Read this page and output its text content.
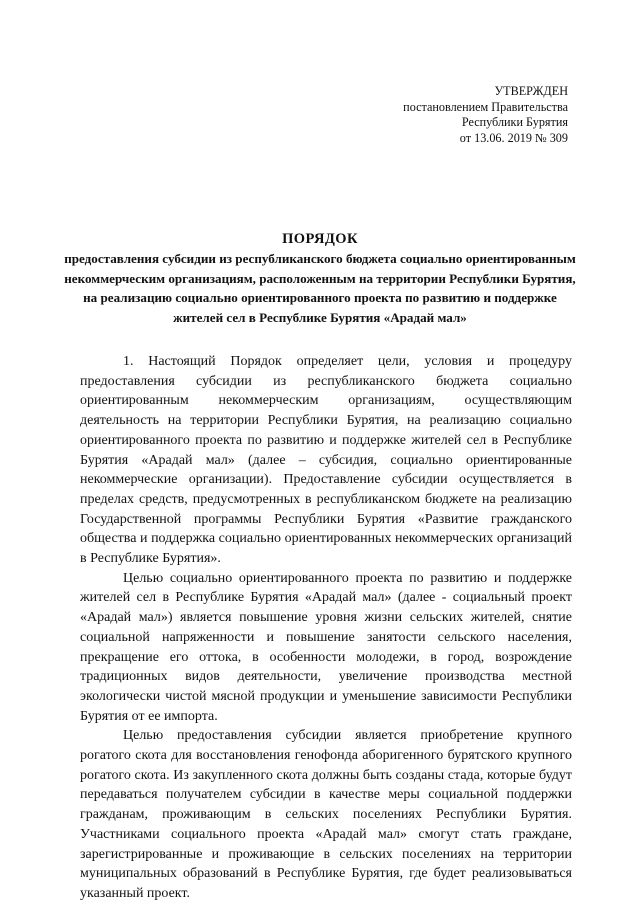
УТВЕРЖДЕН
постановлением Правительства
Республики Бурятия
от 13.06. 2019 № 309
ПОРЯДОК
предоставления субсидии из республиканского бюджета социально ориентированным некоммерческим организациям, расположенным на территории Республики Бурятия, на реализацию социально ориентированного проекта по развитию и поддержке жителей сел в Республике Бурятия «Арадай мал»

1. Настоящий Порядок определяет цели, условия и процедуру предоставления субсидии из республиканского бюджета социально ориентированным некоммерческим организациям, осуществляющим деятельность на территории Республики Бурятия, на реализацию социально ориентированного проекта по развитию и поддержке жителей сел в Республике Бурятия «Арадай мал» (далее – субсидия, социально ориентированные некоммерческие организации). Предоставление субсидии осуществляется в пределах средств, предусмотренных в республиканском бюджете на реализацию Государственной программы Республики Бурятия «Развитие гражданского общества и поддержка социально ориентированных некоммерческих организаций в Республике Бурятия».

Целью социально ориентированного проекта по развитию и поддержке жителей сел в Республике Бурятия «Арадай мал» (далее - социальный проект «Арадай мал») является повышение уровня жизни сельских жителей, снятие социальной напряженности и повышение занятости сельского населения, прекращение его оттока, в особенности молодежи, в город, возрождение традиционных видов деятельности, увеличение производства местной экологически чистой мясной продукции и уменьшение зависимости Республики Бурятия от ее импорта.

Целью предоставления субсидии является приобретение крупного рогатого скота для восстановления генофонда аборигенного бурятского крупного рогатого скота. Из закупленного скота должны быть созданы стада, которые будут передаваться получателем субсидии в качестве меры социальной поддержки гражданам, проживающим в сельских поселениях Республики Бурятия. Участниками социального проекта «Арадай мал» смогут стать граждане, зарегистрированные и проживающие в сельских поселениях на территории муниципальных образований в Республике Бурятия, где будет реализовываться указанный проект.
